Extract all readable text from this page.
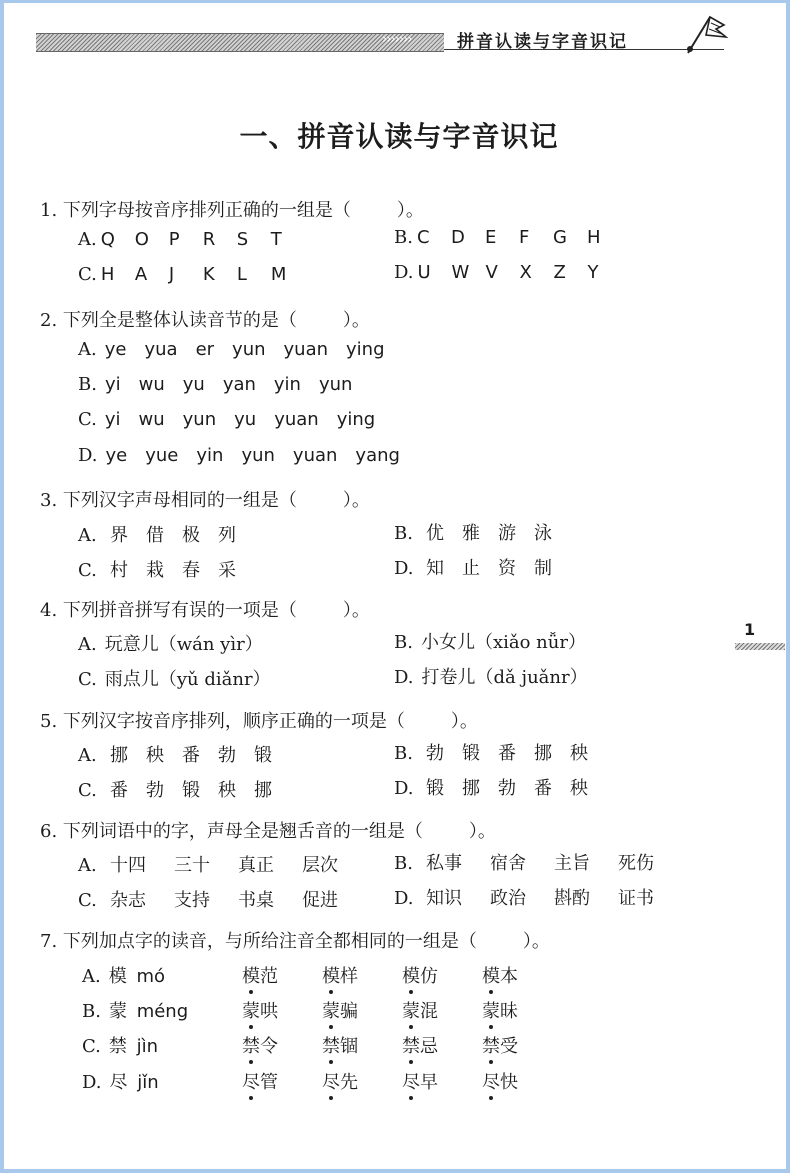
›››››››	拼音认读与字音识记
一、拼音认读与字音识记
1. 下列字母按音序排列正确的一组是（	）。
A. Q O P R S T	B. C D E F G H
C. H A J K L M	D. U W V X Z Y
2. 下列全是整体认读音节的是（	）。
A. ye yua er yun yuan ying
B. yi wu yu yan yin yun
C. yi wu yun yu yuan ying
D. ye yue yin yun yuan yang
3. 下列汉字声母相同的一组是（	）。
A. 界 借 极 列	B. 优 雅 游 泳
C. 村 栽 春 采	D. 知 止 资 制
4. 下列拼音拼写有误的一项是（	）。
A. 玩意儿（wán yìr）	B. 小女儿（xiǎo nǚr）
C. 雨点儿（yǔ diǎnr）	D. 打卷儿（dǎ juǎnr）
1
5. 下列汉字按音序排列，顺序正确的一项是（	）。
A. 挪 秧 番 勃 锻	B. 勃 锻 番 挪 秧
C. 番 勃 锻 秧 挪	D. 锻 挪 勃 番 秧
6. 下列词语中的字，声母全是翘舌音的一组是（	）。
A. 十四 三十 真正 层次	B. 私事 宿舍 主旨 死伤
C. 杂志 支持 书桌 促进	D. 知识 政治 斟酌 证书
7. 下列加点字的读音，与所给注音全都相同的一组是（	）。
A. 模 mó	模范 模样 模仿 模本
B. 蒙 méng	蒙哄 蒙骗 蒙混 蒙昧
C. 禁 jìn	禁令 禁锢 禁忌 禁受
D. 尽 jǐn	尽管 尽先 尽早 尽快
